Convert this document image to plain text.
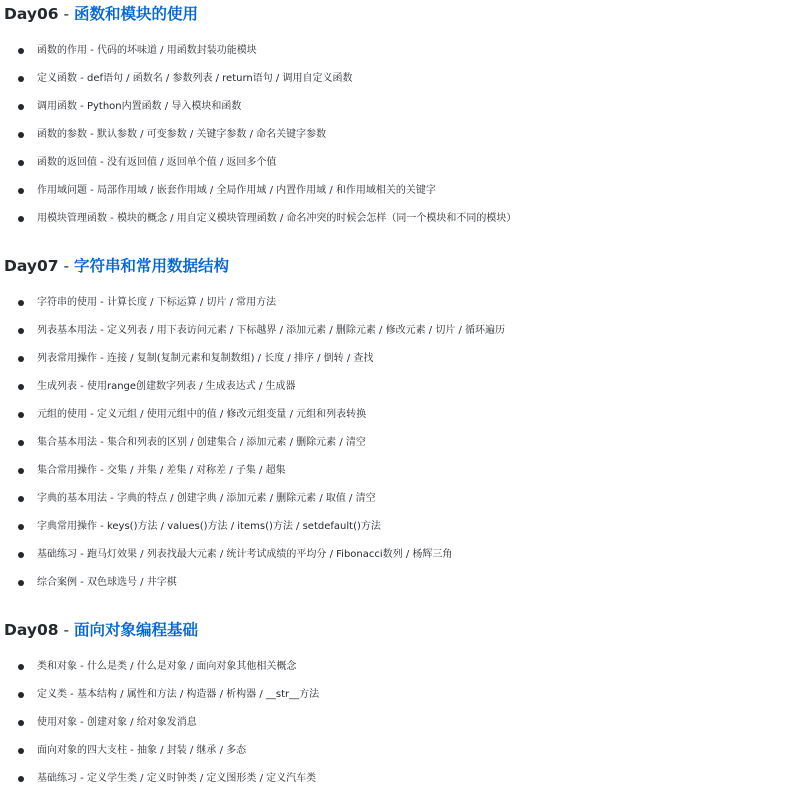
Day06 - 函数和模块的使用
函数的作用 - 代码的坏味道 / 用函数封装功能模块
定义函数 - def语句 / 函数名 / 参数列表 / return语句 / 调用自定义函数
调用函数 - Python内置函数 / 导入模块和函数
函数的参数 - 默认参数 / 可变参数 / 关键字参数 / 命名关键字参数
函数的返回值 - 没有返回值 / 返回单个值 / 返回多个值
作用域问题 - 局部作用域 / 嵌套作用域 / 全局作用域 / 内置作用域 / 和作用域相关的关键字
用模块管理函数 - 模块的概念 / 用自定义模块管理函数 / 命名冲突的时候会怎样（同一个模块和不同的模块）
Day07 - 字符串和常用数据结构
字符串的使用 - 计算长度 / 下标运算 / 切片 / 常用方法
列表基本用法 - 定义列表 / 用下表访问元素 / 下标越界 / 添加元素 / 删除元素 / 修改元素 / 切片 / 循环遍历
列表常用操作 - 连接 / 复制(复制元素和复制数组) / 长度 / 排序 / 倒转 / 查找
生成列表 - 使用range创建数字列表 / 生成表达式 / 生成器
元组的使用 - 定义元组 / 使用元组中的值 / 修改元组变量 / 元组和列表转换
集合基本用法 - 集合和列表的区别 / 创建集合 / 添加元素 / 删除元素 / 清空
集合常用操作 - 交集 / 并集 / 差集 / 对称差 / 子集 / 超集
字典的基本用法 - 字典的特点 / 创建字典 / 添加元素 / 删除元素 / 取值 / 清空
字典常用操作 - keys()方法 / values()方法 / items()方法 / setdefault()方法
基础练习 - 跑马灯效果 / 列表找最大元素 / 统计考试成绩的平均分 / Fibonacci数列 / 杨辉三角
综合案例 - 双色球选号 / 井字棋
Day08 - 面向对象编程基础
类和对象 - 什么是类 / 什么是对象 / 面向对象其他相关概念
定义类 - 基本结构 / 属性和方法 / 构造器 / 析构器 / __str__方法
使用对象 - 创建对象 / 给对象发消息
面向对象的四大支柱 - 抽象 / 封装 / 继承 / 多态
基础练习 - 定义学生类 / 定义时钟类 / 定义图形类 / 定义汽车类
